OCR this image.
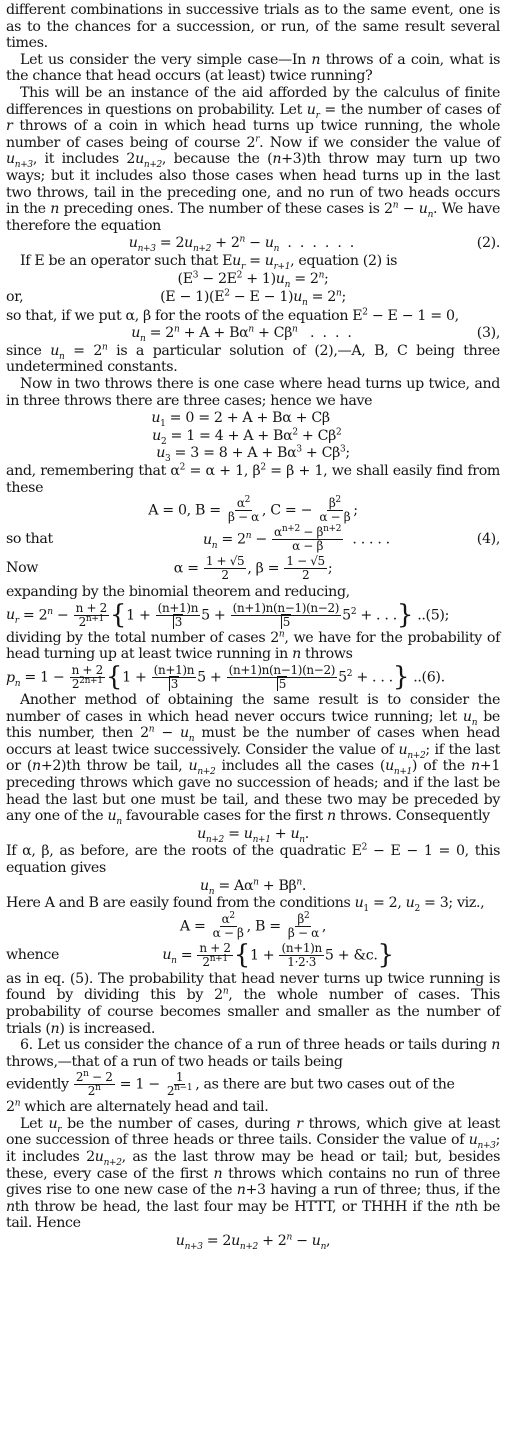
different combinations in successive trials as to the same event, one is as to the chances for a succession, or run, of the same result several times.

Let us consider the very simple case—In n throws of a coin, what is the chance that head occurs (at least) twice running?

This will be an instance of the aid afforded by the calculus of finite differences in questions on probability. Let $u_r$ = the number of cases of r throws of a coin in which head turns up twice running, the whole number of cases being of course 2$^r$. Now if we consider the value of $u_{n+3}$, it includes $2u_{n+2}$, because the (n+3)th throw may turn up two ways; but it includes also those cases when head turns up in the last two throws, tail in the preceding one, and no run of two heads occurs in the n preceding ones. The number of these cases is $2^n - u_n$. We have therefore the equation

$u_{n+3} = 2u_{n+2} + 2^n - u_n$  .  .  .  .  .  .	(2).

If E be an operator such that $Eu_r = u_{r+1}$, equation (2) is

$(E^3 - 2E^2 + 1)u_n = 2^n$;
or,	$(E - 1)(E^2 - E - 1)u_n = 2^n$;

so that, if we put α, β for the roots of the equation $E^2 - E - 1 = 0$,

$u_n = 2^n + A + B\alpha^n + C\beta^n$   .  .  .  .	(3),

since $u_n = 2^n$ is a particular solution of (2),—A, B, C being three undetermined constants.

Now in two throws there is one case where head turns up twice, and in three throws there are three cases; hence we have

$u_1 = 0 = 2 + A + B\alpha + C\beta$
$u_2 = 1 = 4 + A + B\alpha^2 + C\beta^2$
$u_3 = 3 = 8 + A + B\alpha^3 + C\beta^3$;

and, remembering that $\alpha^2 = \alpha + 1$, $\beta^2 = \beta + 1$, we shall easily find from these

A = 0, $B = \frac{\alpha^2}{\beta - \alpha}$ , C = − $\frac{\beta^2}{\alpha - \beta}$ ;
so that	$u_n = 2^n - \frac{\alpha^{n+2} - \beta^{n+2}}{\alpha - \beta}$ . . . . .	(4),
Now	$\alpha = \frac{1 + √5}{2}$ , $\beta = \frac{1 - √5}{2}$ ;

expanding by the binomial theorem and reducing,

$u_r = 2^n - \frac{n + 2}{2^{n+1}} \{1 + \frac{(n+1)n}{3} 5 + \frac{(n+1)n(n-1)(n-2)}{5} 5^2$ + . . .} ..(5);

dividing by the total number of cases 2$^n$, we have for the probability of head turning up at least twice running in n throws

$p_n = 1 - \frac{n + 2}{2^{2n+1}} \{1 + \frac{(n+1)n}{3} 5 + \frac{(n+1)n(n-1)(n-2)}{5} 5^2$ + . . .} ..(6).

Another method of obtaining the same result is to consider the number of cases in which head never occurs twice running; let $u_n$ be this number, then $2^n - u_n$ must be the number of cases when head occurs at least twice successively. Consider the value of $u_{n+2}$; if the last or (n+2)th throw be tail, $u_{n+2}$ includes all the cases $(u_{n+1})$ of the n+1 preceding throws which gave no succession of heads; and if the last be head the last but one must be tail, and these two may be preceded by any one of the $u_n$ favourable cases for the first n throws. Consequently

$u_{n+2} = u_{n+1} + u_n$.

If α, β, as before, are the roots of the quadratic $E^2 - E - 1 = 0$, this equation gives

$u_n = A\alpha^n + B\beta^n$.

Here A and B are easily found from the conditions $u_1 = 2$, $u_2 = 3$; viz.,

$A = \frac{\alpha^2}{\alpha - \beta}$ , $B = \frac{\beta^2}{\beta - \alpha}$ ,
whence	$u_n = \frac{n + 2}{2^{n+1}} \{1 + \frac{(n+1)n}{1\cdot 2\cdot 3} 5$ + &c.}

as in eq. (5). The probability that head never turns up twice running is found by dividing this by 2$^n$, the whole number of cases. This probability of course becomes smaller and smaller as the number of trials (n) is increased.

6. Let us consider the chance of a run of three heads or tails during n throws,—that of a run of two heads or tails being

evidently $\frac{2^n - 2}{2^n} = 1 - \frac{1}{2^{n-1}}$ , as there are but two cases out of the

2$^n$ which are alternately head and tail.

Let $u_r$ be the number of cases, during r throws, which give at least one succession of three heads or three tails. Consider the value of $u_{n+3}$; it includes $2u_{n+2}$, as the last throw may be head or tail; but, besides these, every case of the first n throws which contains no run of three gives rise to one new case of the n+3 having a run of three; thus, if the nth throw be head, the last four may be HTTT, or THHH if the nth be tail. Hence

$u_{n+3} = 2u_{n+2} + 2^n - u_n$,
